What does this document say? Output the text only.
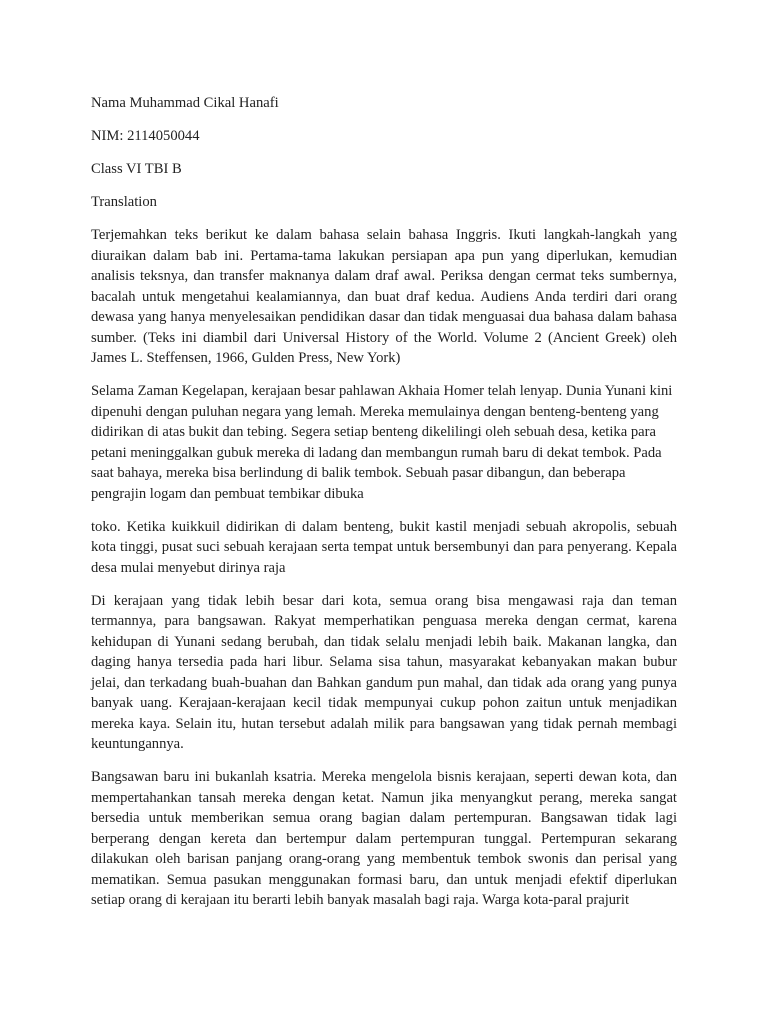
Nama Muhammad Cikal Hanafi

NIM: 2114050044

Class VI TBI B

Translation

Terjemahkan teks berikut ke dalam bahasa selain bahasa Inggris. Ikuti langkah-langkah yang diuraikan dalam bab ini. Pertama-tama lakukan persiapan apa pun yang diperlukan, kemudian analisis teksnya, dan transfer maknanya dalam draf awal. Periksa dengan cermat teks sumbernya, bacalah untuk mengetahui kealamiannya, dan buat draf kedua. Audiens Anda terdiri dari orang dewasa yang hanya menyelesaikan pendidikan dasar dan tidak menguasai dua bahasa dalam bahasa sumber. (Teks ini diambil dari Universal History of the World. Volume 2 (Ancient Greek) oleh James L. Steffensen, 1966, Gulden Press, New York)

Selama Zaman Kegelapan, kerajaan besar pahlawan Akhaia Homer telah lenyap. Dunia Yunani kini dipenuhi dengan puluhan negara yang lemah. Mereka memulainya dengan benteng-benteng yang didirikan di atas bukit dan tebing. Segera setiap benteng dikelilingi oleh sebuah desa, ketika para petani meninggalkan gubuk mereka di ladang dan membangun rumah baru di dekat tembok. Pada saat bahaya, mereka bisa berlindung di balik tembok. Sebuah pasar dibangun, dan beberapa pengrajin logam dan pembuat tembikar dibuka

toko. Ketika kuikkuil didirikan di dalam benteng, bukit kastil menjadi sebuah akropolis, sebuah kota tinggi, pusat suci sebuah kerajaan serta tempat untuk bersembunyi dan para penyerang. Kepala desa mulai menyebut dirinya raja

Di kerajaan yang tidak lebih besar dari kota, semua orang bisa mengawasi raja dan teman termannya, para bangsawan. Rakyat memperhatikan penguasa mereka dengan cermat, karena kehidupan di Yunani sedang berubah, dan tidak selalu menjadi lebih baik. Makanan langka, dan daging hanya tersedia pada hari libur. Selama sisa tahun, masyarakat kebanyakan makan bubur jelai, dan terkadang buah-buahan dan Bahkan gandum pun mahal, dan tidak ada orang yang punya banyak uang. Kerajaan-kerajaan kecil tidak mempunyai cukup pohon zaitun untuk menjadikan mereka kaya. Selain itu, hutan tersebut adalah milik para bangsawan yang tidak pernah membagi keuntungannya.

Bangsawan baru ini bukanlah ksatria. Mereka mengelola bisnis kerajaan, seperti dewan kota, dan mempertahankan tansah mereka dengan ketat. Namun jika menyangkut perang, mereka sangat bersedia untuk memberikan semua orang bagian dalam pertempuran. Bangsawan tidak lagi berperang dengan kereta dan bertempur dalam pertempuran tunggal. Pertempuran sekarang dilakukan oleh barisan panjang orang-orang yang membentuk tembok swonis dan perisal yang mematikan. Semua pasukan menggunakan formasi baru, dan untuk menjadi efektif diperlukan setiap orang di kerajaan itu berarti lebih banyak masalah bagi raja. Warga kota-paral prajurit
